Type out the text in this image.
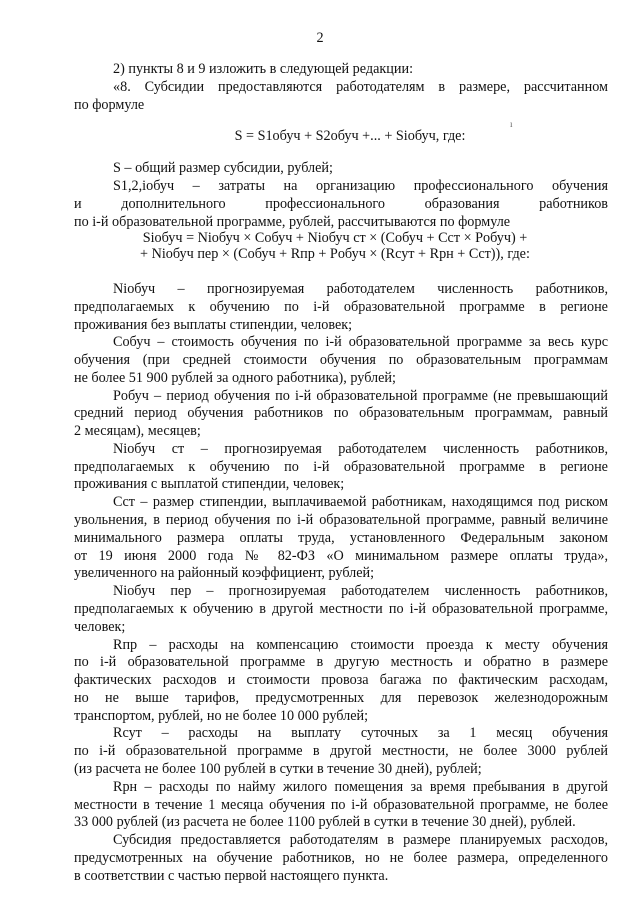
2
ı
2) пункты 8 и 9 изложить в следующей редакции:
«8. Субсидии предоставляются работодателям в размере, рассчитанном
по формуле
S = S1обуч + S2обуч +... + Siобуч, где:
S – общий размер субсидии, рублей;
S1,2,iобуч – затраты на организацию профессионального обучения
и дополнительного профессионального образования работников
по i-й образовательной программе, рублей, рассчитываются по формуле
Siобуч = Niобуч × Cобуч + Niобуч ст × (Cобуч + Cст × Pобуч) +
+ Niобуч пер × (Cобуч + Rпр + Pобуч × (Rсут + Rрн + Cст)), где:
Niобуч – прогнозируемая работодателем численность работников,
предполагаемых к обучению по i-й образовательной программе в регионе
проживания без выплаты стипендии, человек;
Cобуч – стоимость обучения по i-й образовательной программе за весь курс
обучения (при средней стоимости обучения по образовательным программам
не более 51 900 рублей за одного работника), рублей;
Pобуч – период обучения по i-й образовательной программе (не превышающий
средний период обучения работников по образовательным программам, равный
2 месяцам), месяцев;
Niобуч ст – прогнозируемая работодателем численность работников,
предполагаемых к обучению по i-й образовательной программе в регионе
проживания с выплатой стипендии, человек;
Cст – размер стипендии, выплачиваемой работникам, находящимся под риском
увольнения, в период обучения по i-й образовательной программе, равный величине
минимального размера оплаты труда, установленного Федеральным законом
от 19 июня 2000 года № 82-ФЗ «О минимальном размере оплаты труда»,
увеличенного на районный коэффициент, рублей;
Niобуч пер – прогнозируемая работодателем численность работников,
предполагаемых к обучению в другой местности по i-й образовательной программе,
человек;
Rпр – расходы на компенсацию стоимости проезда к месту обучения
по i-й образовательной программе в другую местность и обратно в размере
фактических расходов и стоимости провоза багажа по фактическим расходам,
но не выше тарифов, предусмотренных для перевозок железнодорожным
транспортом, рублей, но не более 10 000 рублей;
Rсут – расходы на выплату суточных за 1 месяц обучения
по i-й образовательной программе в другой местности, не более 3000 рублей
(из расчета не более 100 рублей в сутки в течение 30 дней), рублей;
Rрн – расходы по найму жилого помещения за время пребывания в другой
местности в течение 1 месяца обучения по i-й образовательной программе, не более
33 000 рублей (из расчета не более 1100 рублей в сутки в течение 30 дней), рублей.
Субсидия предоставляется работодателям в размере планируемых расходов,
предусмотренных на обучение работников, но не более размера, определенного
в соответствии с частью первой настоящего пункта.
